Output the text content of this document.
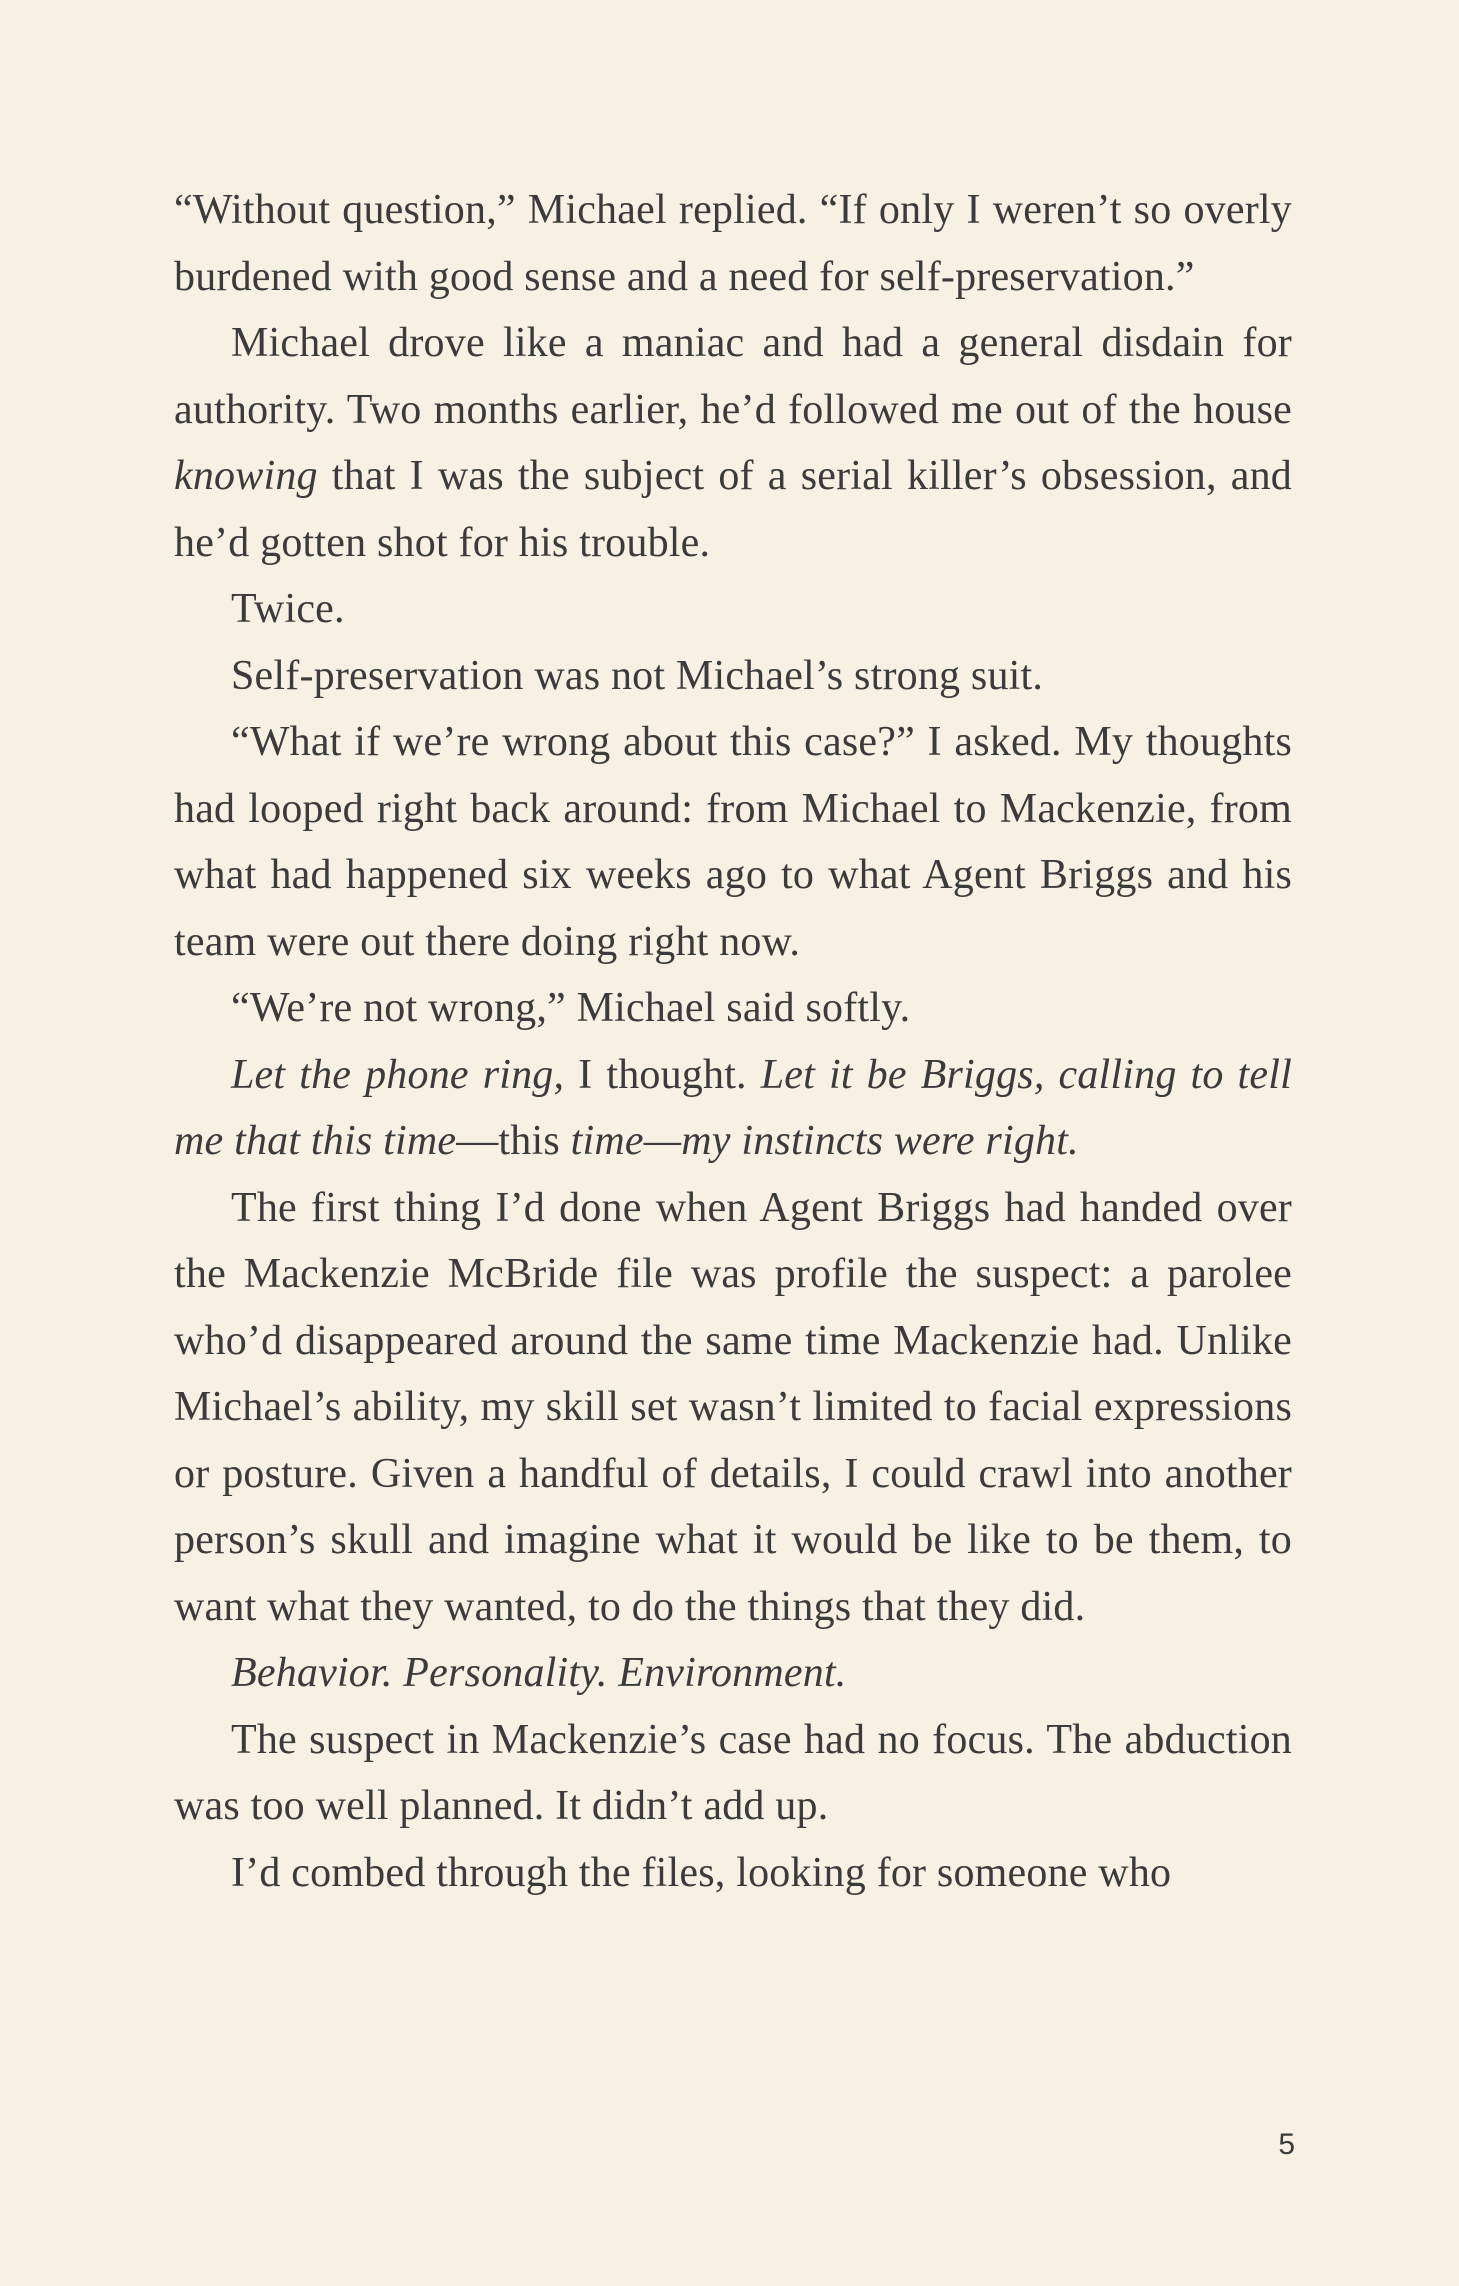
“Without question,” Michael replied. “If only I weren’t so overly burdened with good sense and a need for self-preservation.”

Michael drove like a maniac and had a general disdain for authority. Two months earlier, he’d followed me out of the house knowing that I was the subject of a serial killer’s obsession, and he’d gotten shot for his trouble.

Twice.

Self-preservation was not Michael’s strong suit.

“What if we’re wrong about this case?” I asked. My thoughts had looped right back around: from Michael to Mackenzie, from what had happened six weeks ago to what Agent Briggs and his team were out there doing right now.

“We’re not wrong,” Michael said softly.

Let the phone ring, I thought. Let it be Briggs, calling to tell me that this time—this time—my instincts were right.

The first thing I’d done when Agent Briggs had handed over the Mackenzie McBride file was profile the suspect: a parolee who’d disappeared around the same time Mackenzie had. Unlike Michael’s ability, my skill set wasn’t limited to facial expressions or posture. Given a handful of details, I could crawl into another person’s skull and imagine what it would be like to be them, to want what they wanted, to do the things that they did.

Behavior. Personality. Environment.

The suspect in Mackenzie’s case had no focus. The abduction was too well planned. It didn’t add up.

I’d combed through the files, looking for someone who

5
